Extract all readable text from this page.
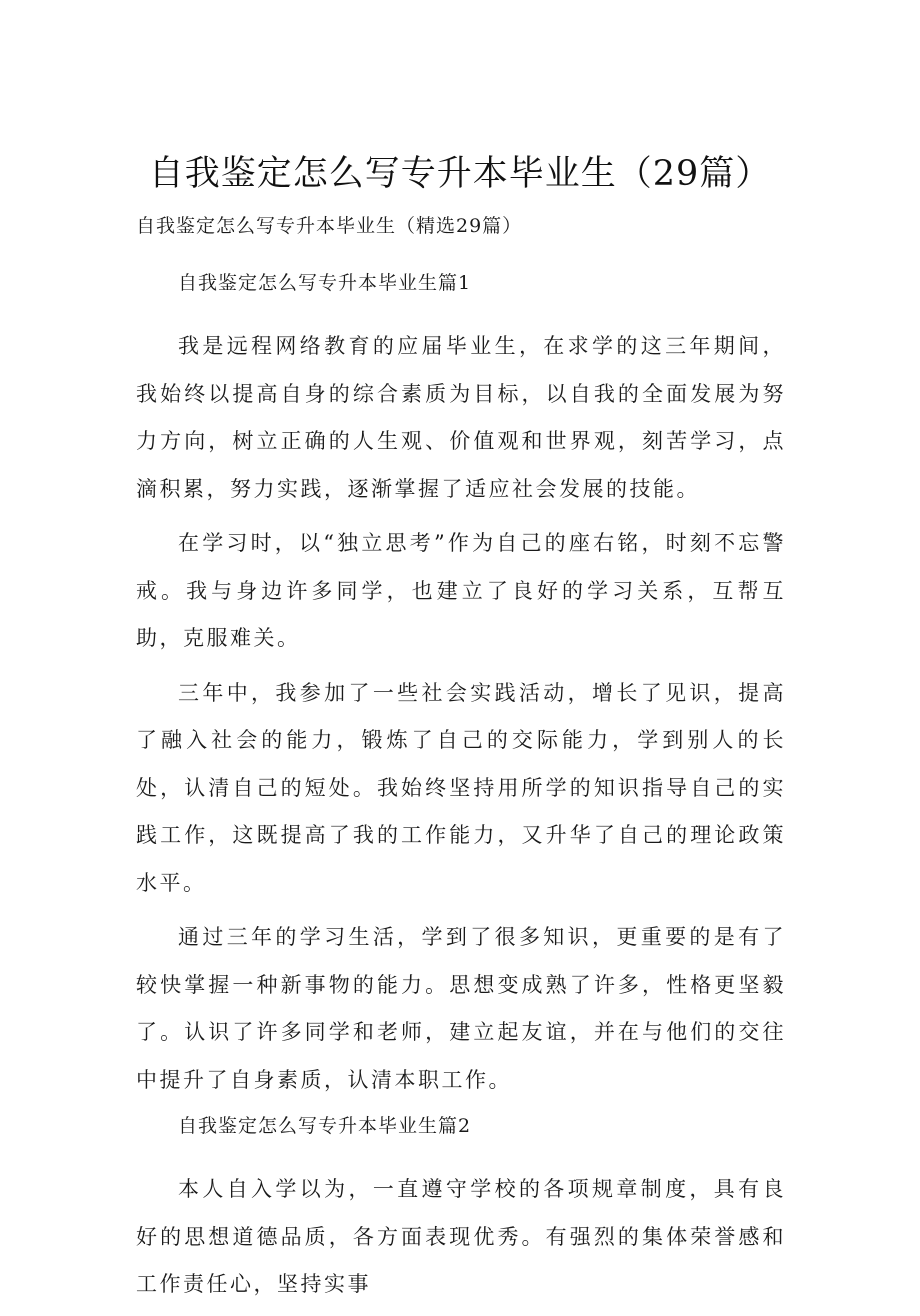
自我鉴定怎么写专升本毕业生（29篇）

自我鉴定怎么写专升本毕业生（精选29篇）

自我鉴定怎么写专升本毕业生篇1

我是远程网络教育的应届毕业生，在求学的这三年期间，我始终以提高自身的综合素质为目标，以自我的全面发展为努力方向，树立正确的人生观、价值观和世界观，刻苦学习，点滴积累，努力实践，逐渐掌握了适应社会发展的技能。

在学习时，以“独立思考”作为自己的座右铭，时刻不忘警戒。我与身边许多同学，也建立了良好的学习关系，互帮互助，克服难关。

三年中，我参加了一些社会实践活动，增长了见识，提高了融入社会的能力，锻炼了自己的交际能力，学到别人的长处，认清自己的短处。我始终坚持用所学的知识指导自己的实践工作，这既提高了我的工作能力，又升华了自己的理论政策水平。

通过三年的学习生活，学到了很多知识，更重要的是有了较快掌握一种新事物的能力。思想变成熟了许多，性格更坚毅了。认识了许多同学和老师，建立起友谊，并在与他们的交往中提升了自身素质，认清本职工作。

自我鉴定怎么写专升本毕业生篇2

本人自入学以为，一直遵守学校的各项规章制度，具有良好的思想道德品质，各方面表现优秀。有强烈的集体荣誉感和工作责任心，坚持实事
